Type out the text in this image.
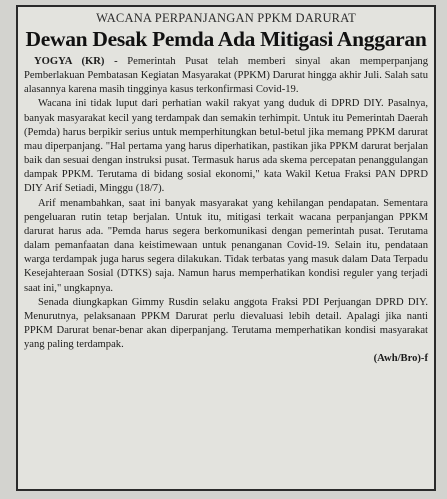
WACANA PERPANJANGAN PPKM DARURAT
Dewan Desak Pemda Ada Mitigasi Anggaran

YOGYA (KR) - Pemerintah Pusat telah memberi sinyal akan memperpanjang Pemberlakuan Pembatasan Kegiatan Masyarakat (PPKM) Darurat hingga akhir Juli. Salah satu alasannya karena masih tingginya kasus terkonfirmasi Covid-19.

Wacana ini tidak luput dari perhatian wakil rakyat yang duduk di DPRD DIY. Pasalnya, banyak masyarakat kecil yang terdampak dan semakin terhimpit. Untuk itu Pemerintah Daerah (Pemda) harus berpikir serius untuk memperhitungkan betul-betul jika memang PPKM darurat mau diperpanjang. "Hal pertama yang harus diperhatikan, pastikan jika PPKM darurat berjalan baik dan sesuai dengan instruksi pusat. Termasuk harus ada skema percepatan penanggulangan dampak PPKM. Terutama di bidang sosial ekonomi," kata Wakil Ketua Fraksi PAN DPRD DIY Arif Setiadi, Minggu (18/7).

Arif menambahkan, saat ini banyak masyarakat yang kehilangan pendapatan. Sementara pengeluaran rutin tetap berjalan. Untuk itu, mitigasi terkait wacana perpanjangan PPKM darurat harus ada. "Pemda harus segera berkomunikasi dengan pemerintah pusat. Terutama dalam pemanfaatan dana keistimewaan untuk penanganan Covid-19. Selain itu, pendataan warga terdampak juga harus segera dilakukan. Tidak terbatas yang masuk dalam Data Terpadu Kesejahteraan Sosial (DTKS) saja. Namun harus memperhatikan kondisi reguler yang terjadi saat ini," ungkapnya.

Senada diungkapkan Gimmy Rusdin selaku anggota Fraksi PDI Perjuangan DPRD DIY. Menurutnya, pelaksanaan PPKM Darurat perlu dievaluasi lebih detail. Apalagi jika nanti PPKM Darurat benar-benar akan diperpanjang. Terutama memperhatikan kondisi masyarakat yang paling terdampak.

(Awh/Bro)-f
